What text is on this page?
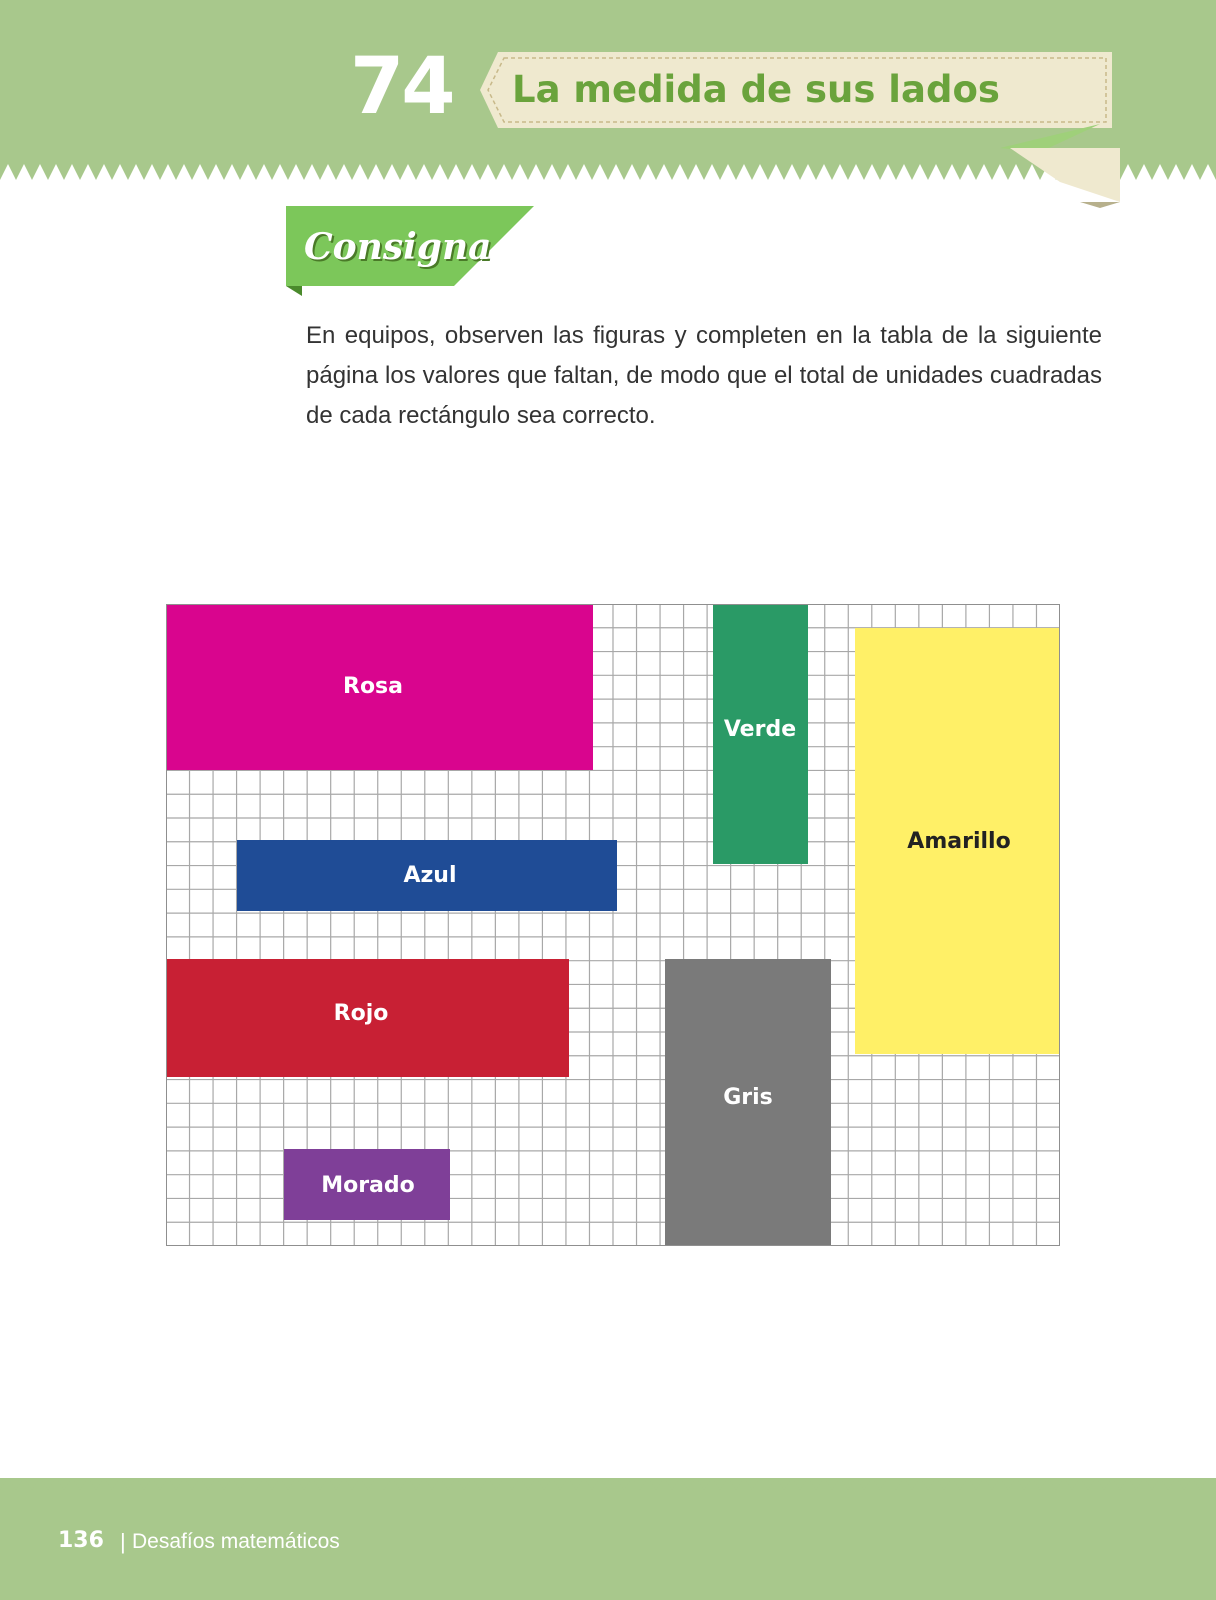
74 La medida de sus lados
Consigna

En equipos, observen las figuras y completen en la tabla de la siguiente página los valores que faltan, de modo que el total de unidades cuadradas de cada rectángulo sea correcto.

Rosa
Verde
Amarillo
Azul
Rojo
Gris
Morado
136 | Desafíos matemáticos
